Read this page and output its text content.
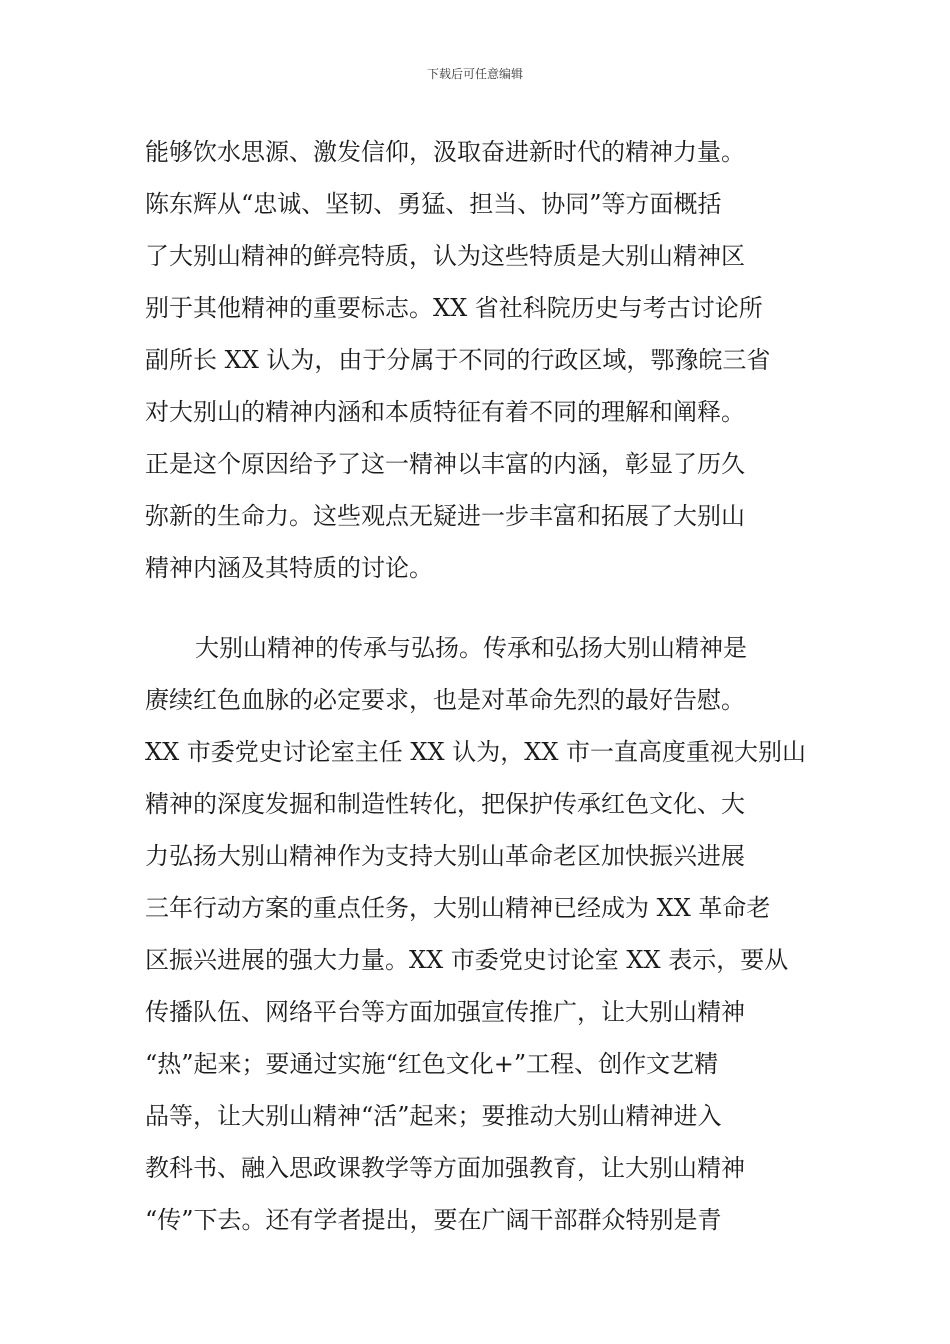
下载后可任意编辑
能够饮水思源、激发信仰，汲取奋进新时代的精神力量。
陈东辉从“忠诚、坚韧、勇猛、担当、协同”等方面概括
了大别山精神的鲜亮特质，认为这些特质是大别山精神区
别于其他精神的重要标志。XX 省社科院历史与考古讨论所
副所长 XX 认为，由于分属于不同的行政区域，鄂豫皖三省
对大别山的精神内涵和本质特征有着不同的理解和阐释。
正是这个原因给予了这一精神以丰富的内涵，彰显了历久
弥新的生命力。这些观点无疑进一步丰富和拓展了大别山
精神内涵及其特质的讨论。
大别山精神的传承与弘扬。传承和弘扬大别山精神是
赓续红色血脉的必定要求，也是对革命先烈的最好告慰。
XX 市委党史讨论室主任 XX 认为，XX 市一直高度重视大别山
精神的深度发掘和制造性转化，把保护传承红色文化、大
力弘扬大别山精神作为支持大别山革命老区加快振兴进展
三年行动方案的重点任务，大别山精神已经成为 XX 革命老
区振兴进展的强大力量。XX 市委党史讨论室 XX 表示，要从
传播队伍、网络平台等方面加强宣传推广，让大别山精神
“热”起来；要通过实施“红色文化+”工程、创作文艺精
品等，让大别山精神“活”起来；要推动大别山精神进入
教科书、融入思政课教学等方面加强教育，让大别山精神
“传”下去。还有学者提出，要在广阔干部群众特别是青
